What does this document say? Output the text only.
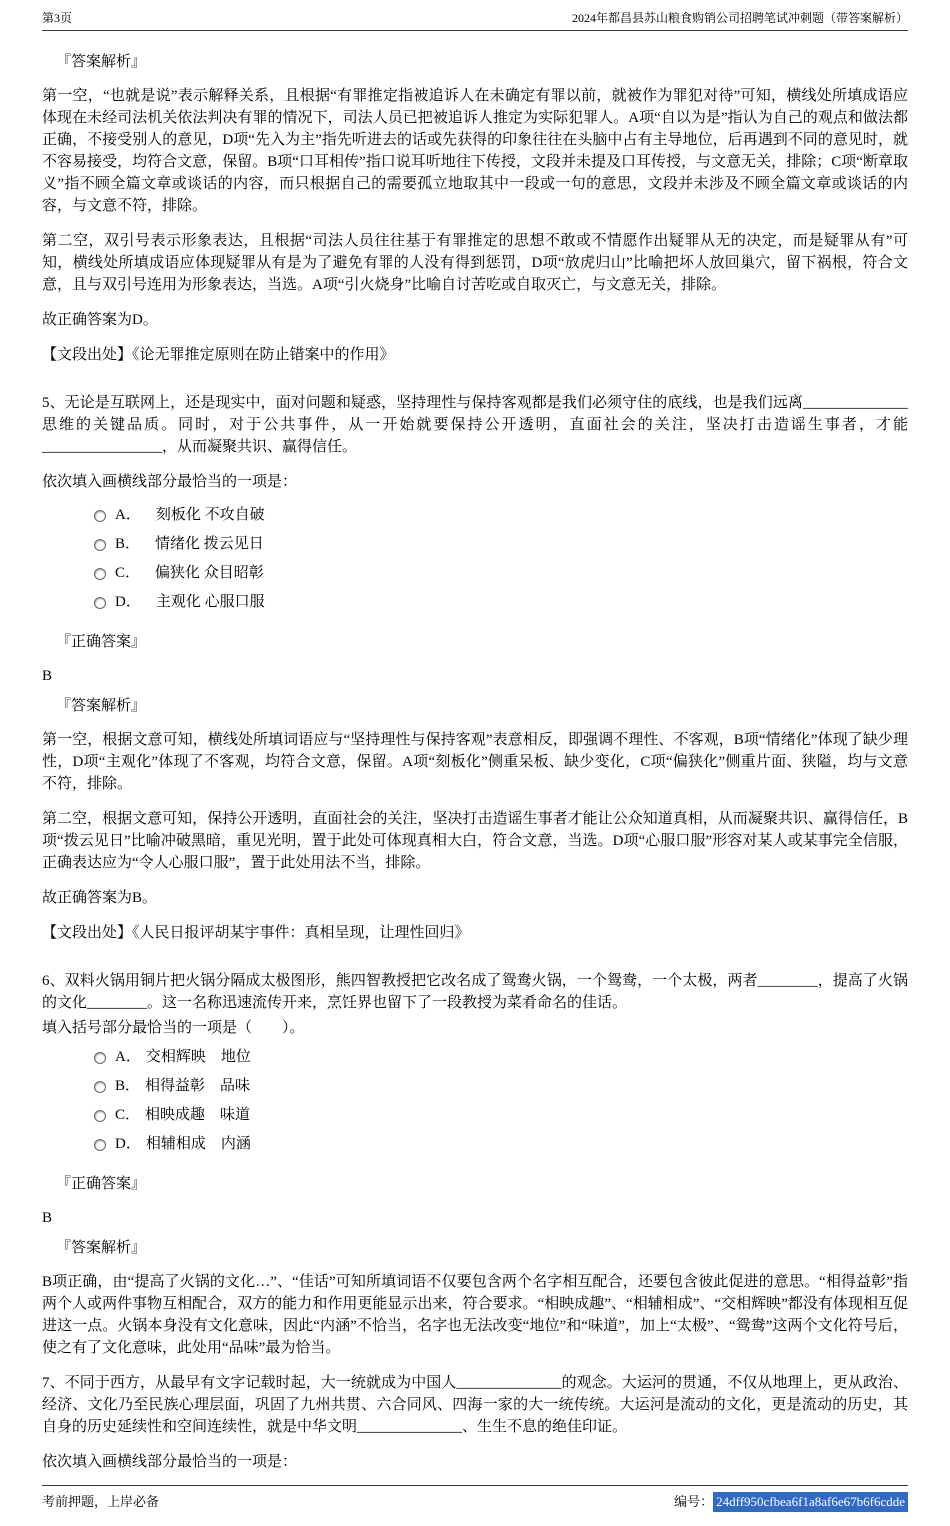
第3页	2024年都昌县苏山粮食购销公司招聘笔试冲刺题（带答案解析）
『答案解析』
第一空，“也就是说”表示解释关系，且根据“有罪推定指被追诉人在未确定有罪以前，就被作为罪犯对待”可知，横线处所填成语应体现在未经司法机关依法判决有罪的情况下，司法人员已把被追诉人推定为实际犯罪人。A项“自以为是”指认为自己的观点和做法都正确，不接受别人的意见，D项“先入为主”指先听进去的话或先获得的印象往往在头脑中占有主导地位，后再遇到不同的意见时，就不容易接受，均符合文意，保留。B项“口耳相传”指口说耳听地往下传授，文段并未提及口耳传授，与文意无关，排除；C项“断章取义”指不顾全篇文章或谈话的内容，而只根据自己的需要孤立地取其中一段或一句的意思，文段并未涉及不顾全篇文章或谈话的内容，与文意不符，排除。
第二空，双引号表示形象表达，且根据“司法人员往往基于有罪推定的思想不敢或不情愿作出疑罪从无的决定，而是疑罪从有”可知，横线处所填成语应体现疑罪从有是为了避免有罪的人没有得到惩罚，D项“放虎归山”比喻把坏人放回巢穴，留下祸根，符合文意，且与双引号连用为形象表达，当选。A项“引火烧身”比喻自讨苦吃或自取灭亡，与文意无关，排除。
故正确答案为D。
【文段出处】《论无罪推定原则在防止错案中的作用》
5、无论是互联网上，还是现实中，面对问题和疑惑，坚持理性与保持客观都是我们必须守住的底线，也是我们远离______________思维的关键品质。同时，对于公共事件，从一开始就要保持公开透明，直面社会的关注，坚决打击造谣生事者，才能________________，从而凝聚共识、赢得信任。
依次填入画横线部分最恰当的一项是：
A． 刻板化 不攻自破
B． 情绪化 拨云见日
C． 偏狭化 众目昭彰
D． 主观化 心服口服
『正确答案』
B
『答案解析』
第一空，根据文意可知，横线处所填词语应与“坚持理性与保持客观”表意相反，即强调不理性、不客观，B项“情绪化”体现了缺少理性，D项“主观化”体现了不客观，均符合文意，保留。A项“刻板化”侧重呆板、缺少变化，C项“偏狭化”侧重片面、狭隘，均与文意不符，排除。
第二空，根据文意可知，保持公开透明，直面社会的关注，坚决打击造谣生事者才能让公众知道真相，从而凝聚共识、赢得信任，B项“拨云见日”比喻冲破黑暗，重见光明，置于此处可体现真相大白，符合文意，当选。D项“心服口服”形容对某人或某事完全信服，正确表达应为“令人心服口服”，置于此处用法不当，排除。
故正确答案为B。
【文段出处】《人民日报评胡某宇事件：真相呈现，让理性回归》
6、双料火锅用铜片把火锅分隔成太极图形，熊四智教授把它改名成了鸳鸯火锅，一个鸳鸯，一个太极，两者________，提高了火锅的文化________。这一名称迅速流传开来，烹饪界也留下了一段教授为菜肴命名的佳话。
填入括号部分最恰当的一项是（　　）。
A． 交相辉映　地位
B． 相得益彰　品味
C． 相映成趣　味道
D． 相辅相成　内涵
『正确答案』
B
『答案解析』
B项正确，由“提高了火锅的文化…”、“佳话”可知所填词语不仅要包含两个名字相互配合，还要包含彼此促进的意思。“相得益彰”指两个人或两件事物互相配合，双方的能力和作用更能显示出来，符合要求。“相映成趣”、“相辅相成”、“交相辉映”都没有体现相互促进这一点。火锅本身没有文化意味，因此“内涵”不恰当，名字也无法改变“地位”和“味道”，加上“太极”、“鸳鸯”这两个文化符号后，使之有了文化意味，此处用“品味”最为恰当。
7、不同于西方，从最早有文字记载时起，大一统就成为中国人______________的观念。大运河的贯通，不仅从地理上，更从政治、经济、文化乃至民族心理层面，巩固了九州共贯、六合同风、四海一家的大一统传统。大运河是流动的文化，更是流动的历史，其自身的历史延续性和空间连续性，就是中华文明______________、生生不息的绝佳印证。
依次填入画横线部分最恰当的一项是：
考前押题，上岸必备	编号： 24dff950cfbea6f1a8af6e67b6f6cdde
